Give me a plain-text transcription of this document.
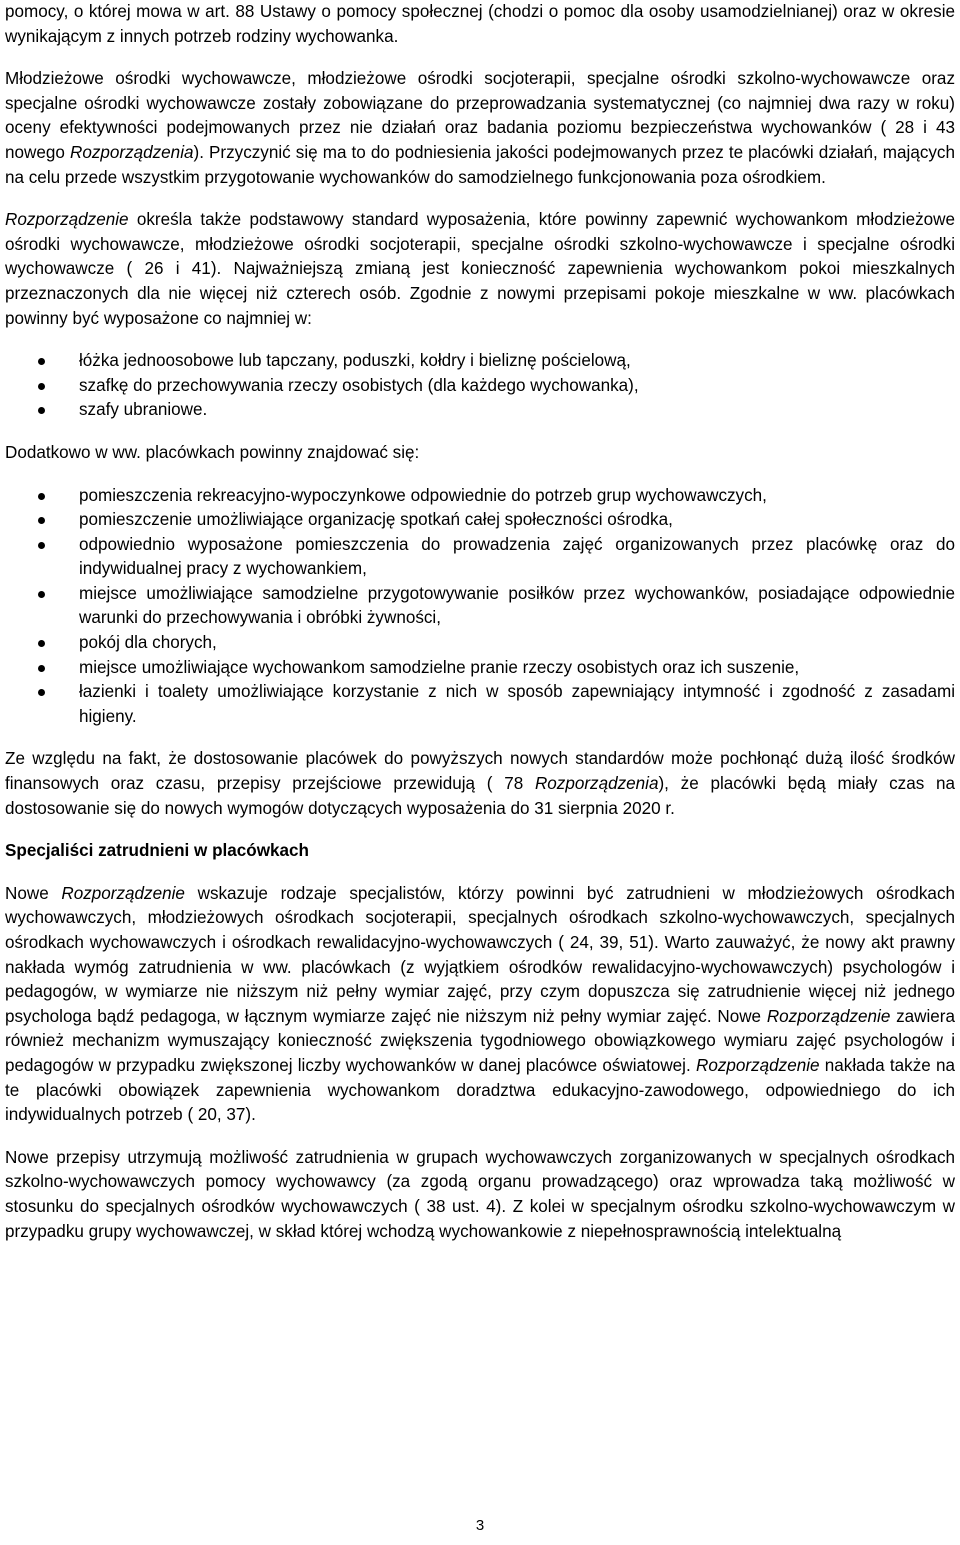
pomocy, o której mowa w art. 88 Ustawy o pomocy społecznej (chodzi o pomoc dla osoby usamodzielnianej) oraz w okresie wynikającym z innych potrzeb rodziny wychowanka.

Młodzieżowe ośrodki wychowawcze, młodzieżowe ośrodki socjoterapii, specjalne ośrodki szkolno-wychowawcze oraz specjalne ośrodki wychowawcze zostały zobowiązane do przeprowadzania systematycznej (co najmniej dwa razy w roku) oceny efektywności podejmowanych przez nie działań oraz badania poziomu bezpieczeństwa wychowanków ( 28 i 43 nowego Rozporządzenia). Przyczynić się ma to do podniesienia jakości podejmowanych przez te placówki działań, mających na celu przede wszystkim przygotowanie wychowanków do samodzielnego funkcjonowania poza ośrodkiem.

Rozporządzenie określa także podstawowy standard wyposażenia, które powinny zapewnić wychowankom młodzieżowe ośrodki wychowawcze, młodzieżowe ośrodki socjoterapii, specjalne ośrodki szkolno-wychowawcze i specjalne ośrodki wychowawcze ( 26 i 41). Najważniejszą zmianą jest konieczność zapewnienia wychowankom pokoi mieszkalnych przeznaczonych dla nie więcej niż czterech osób. Zgodnie z nowymi przepisami pokoje mieszkalne w ww. placówkach powinny być wyposażone co najmniej w:

łóżka jednoosobowe lub tapczany, poduszki, kołdry i bieliznę pościelową,
szafkę do przechowywania rzeczy osobistych (dla każdego wychowanka),
szafy ubraniowe.

Dodatkowo w ww. placówkach powinny znajdować się:

pomieszczenia rekreacyjno-wypoczynkowe odpowiednie do potrzeb grup wychowawczych,
pomieszczenie umożliwiające organizację spotkań całej społeczności ośrodka,
odpowiednio wyposażone pomieszczenia do prowadzenia zajęć organizowanych przez placówkę oraz do indywidualnej pracy z wychowankiem,
miejsce umożliwiające samodzielne przygotowywanie posiłków przez wychowanków, posiadające odpowiednie warunki do przechowywania i obróbki żywności,
pokój dla chorych,
miejsce umożliwiające wychowankom samodzielne pranie rzeczy osobistych oraz ich suszenie,
łazienki i toalety umożliwiające korzystanie z nich w sposób zapewniający intymność i zgodność z zasadami higieny.

Ze względu na fakt, że dostosowanie placówek do powyższych nowych standardów może pochłonąć dużą ilość środków finansowych oraz czasu, przepisy przejściowe przewidują ( 78 Rozporządzenia), że placówki będą miały czas na dostosowanie się do nowych wymogów dotyczących wyposażenia do 31 sierpnia 2020 r.

Specjaliści zatrudnieni w placówkach

Nowe Rozporządzenie wskazuje rodzaje specjalistów, którzy powinni być zatrudnieni w młodzieżowych ośrodkach wychowawczych, młodzieżowych ośrodkach socjoterapii, specjalnych ośrodkach szkolno-wychowawczych, specjalnych ośrodkach wychowawczych i ośrodkach rewalidacyjno-wychowawczych ( 24, 39, 51). Warto zauważyć, że nowy akt prawny nakłada wymóg zatrudnienia w ww. placówkach (z wyjątkiem ośrodków rewalidacyjno-wychowawczych) psychologów i pedagogów, w wymiarze nie niższym niż pełny wymiar zajęć, przy czym dopuszcza się zatrudnienie więcej niż jednego psychologa bądź pedagoga, w łącznym wymiarze zajęć nie niższym niż pełny wymiar zajęć. Nowe Rozporządzenie zawiera również mechanizm wymuszający konieczność zwiększenia tygodniowego obowiązkowego wymiaru zajęć psychologów i pedagogów w przypadku zwiększonej liczby wychowanków w danej placówce oświatowej. Rozporządzenie nakłada także na te placówki obowiązek zapewnienia wychowankom doradztwa edukacyjno-zawodowego, odpowiedniego do ich indywidualnych potrzeb ( 20, 37).

Nowe przepisy utrzymują możliwość zatrudnienia w grupach wychowawczych zorganizowanych w specjalnych ośrodkach szkolno-wychowawczych pomocy wychowawcy (za zgodą organu prowadzącego) oraz wprowadza taką możliwość w stosunku do specjalnych ośrodków wychowawczych ( 38 ust. 4). Z kolei w specjalnym ośrodku szkolno-wychowawczym w przypadku grupy wychowawczej, w skład której wchodzą wychowankowie z niepełnosprawnością intelektualną

3
